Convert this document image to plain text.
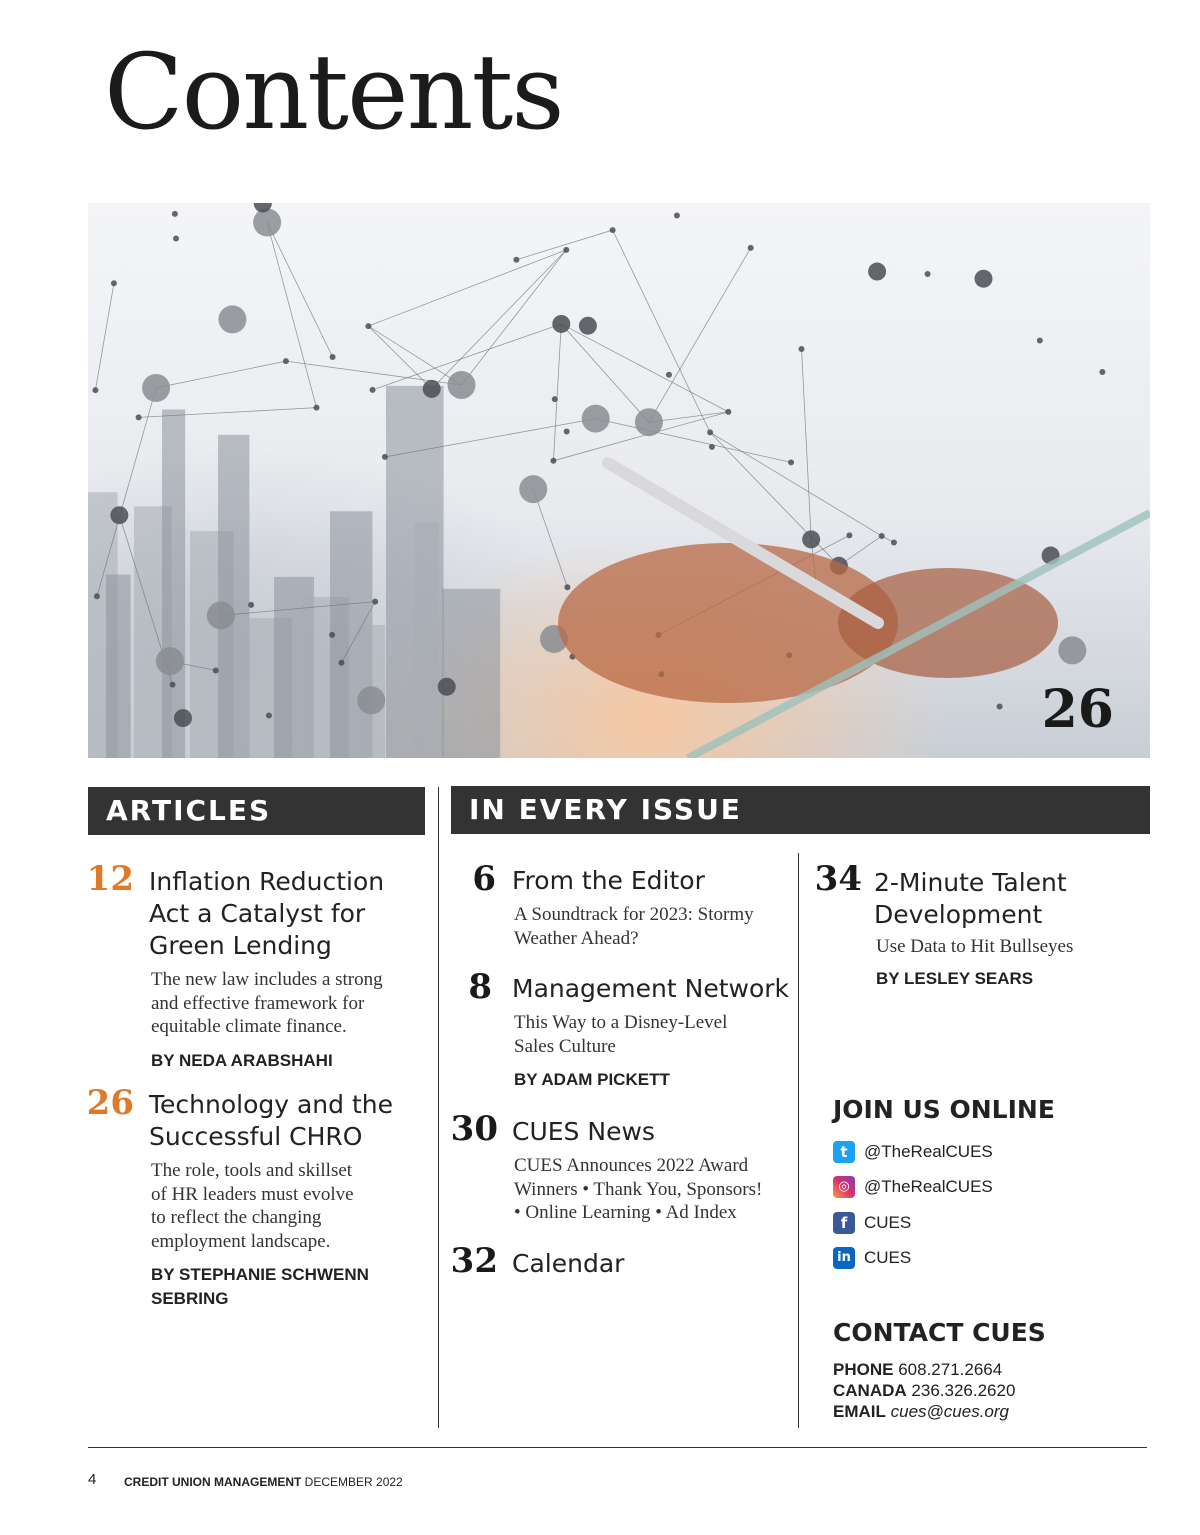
Contents
26
ARTICLES	IN EVERY ISSUE
12 Inflation Reduction
Act a Catalyst for
Green Lending
The new law includes a strong
and effective framework for
equitable climate finance.
BY NEDA ARABSHAHI
26 Technology and the
Successful CHRO
The role, tools and skillset
of HR leaders must evolve
to reflect the changing
employment landscape.
BY STEPHANIE SCHWENN
SEBRING
6 From the Editor
A Soundtrack for 2023: Stormy
Weather Ahead?
8 Management Network
This Way to a Disney-Level
Sales Culture
BY ADAM PICKETT
30 CUES News
CUES Announces 2022 Award
Winners • Thank You, Sponsors!
• Online Learning • Ad Index
32 Calendar
34 2-Minute Talent
Development
Use Data to Hit Bullseyes
BY LESLEY SEARS
JOIN US ONLINE
t @TheRealCUES
◎ @TheRealCUES
f CUES
in CUES
CONTACT CUES
PHONE 608.271.2664
CANADA 236.326.2620
EMAIL cues@cues.org
4 CREDIT UNION MANAGEMENT DECEMBER 2022
